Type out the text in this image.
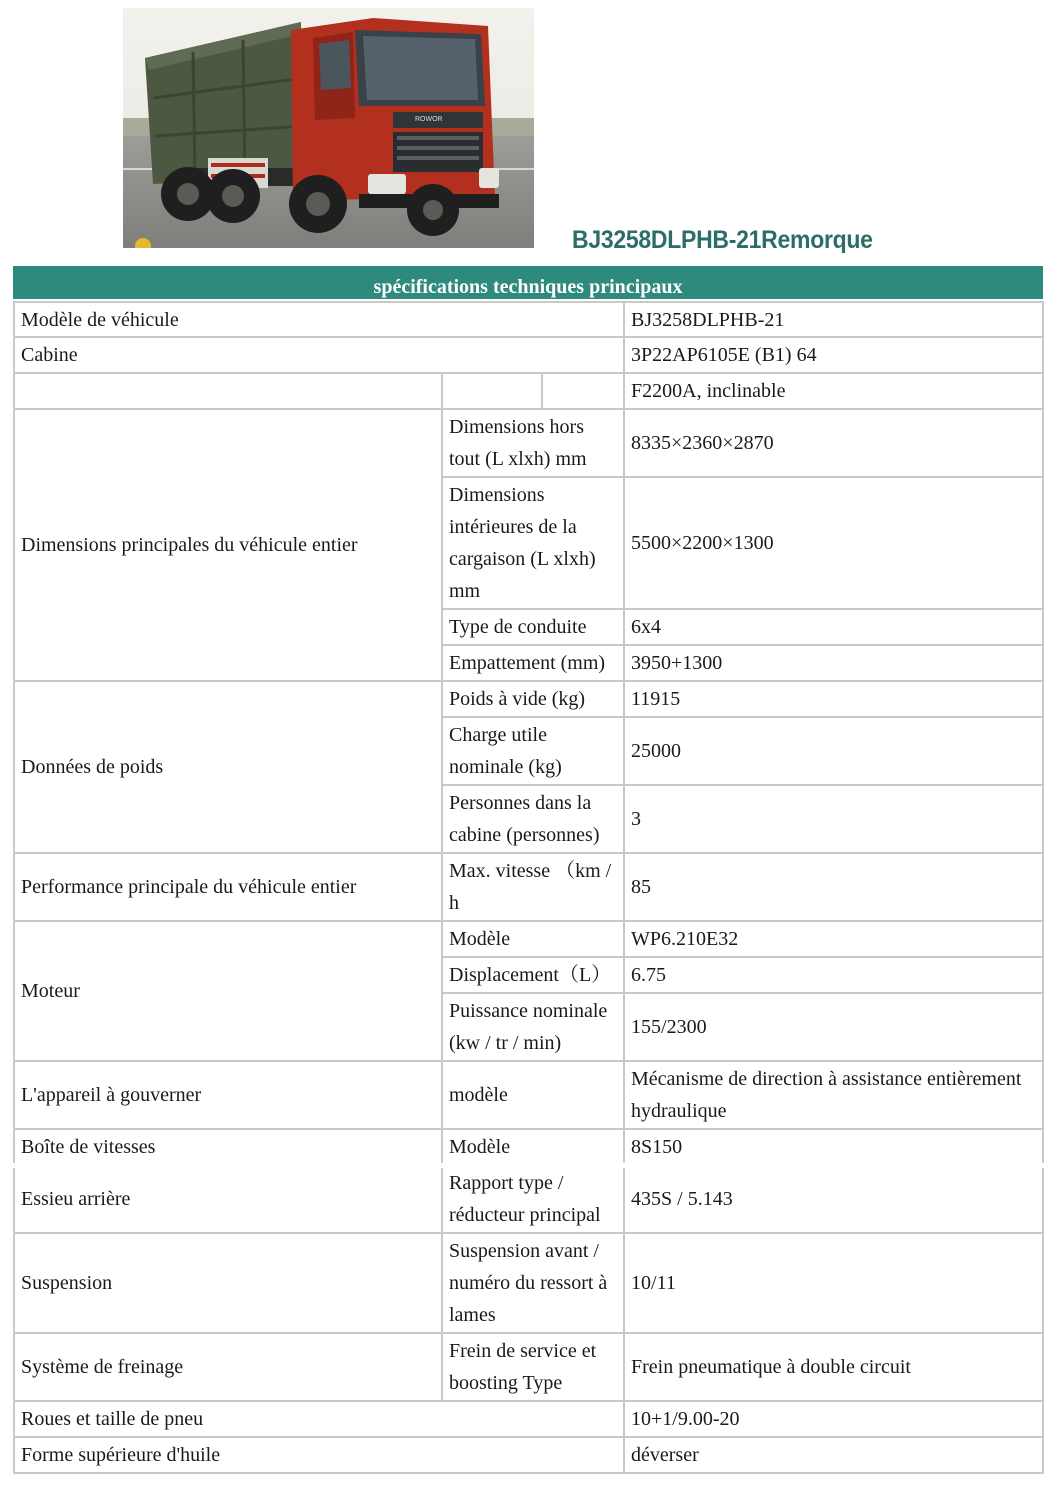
ROWOR
BJ3258DLPHB-21Remorque
spécifications techniques principaux
Modèle de véhicule			BJ3258DLPHB-21
Cabine			3P22AP6105E (B1) 64
			F2200A, inclinable
Dimensions principales du véhicule entier	Dimensions hors tout (L xlxh) mm		8335×2360×2870
	Dimensions intérieures de la cargaison (L xlxh) mm		5500×2200×1300
	Type de conduite		6x4
	Empattement (mm)		3950+1300
Données de poids	Poids à vide (kg)		11915
	Charge utile nominale (kg)		25000
	Personnes dans la cabine (personnes)		3
Performance principale du véhicule entier	Max. vitesse （km / h		85
Moteur	Modèle		WP6.210E32
	Displacement（L）		6.75
	Puissance nominale (kw / tr / min)		155/2300
L'appareil à gouverner	modèle		Mécanisme de direction à assistance entièrement hydraulique
Boîte de vitesses	Modèle		8S150
Essieu arrière	Rapport type / réducteur principal		435S / 5.143
Suspension	Suspension avant / numéro du ressort à lames		10/11
Système de freinage	Frein de service et boosting Type		Frein pneumatique à double circuit
Roues et taille de pneu			10+1/9.00-20
Forme supérieure d'huile			déverser
